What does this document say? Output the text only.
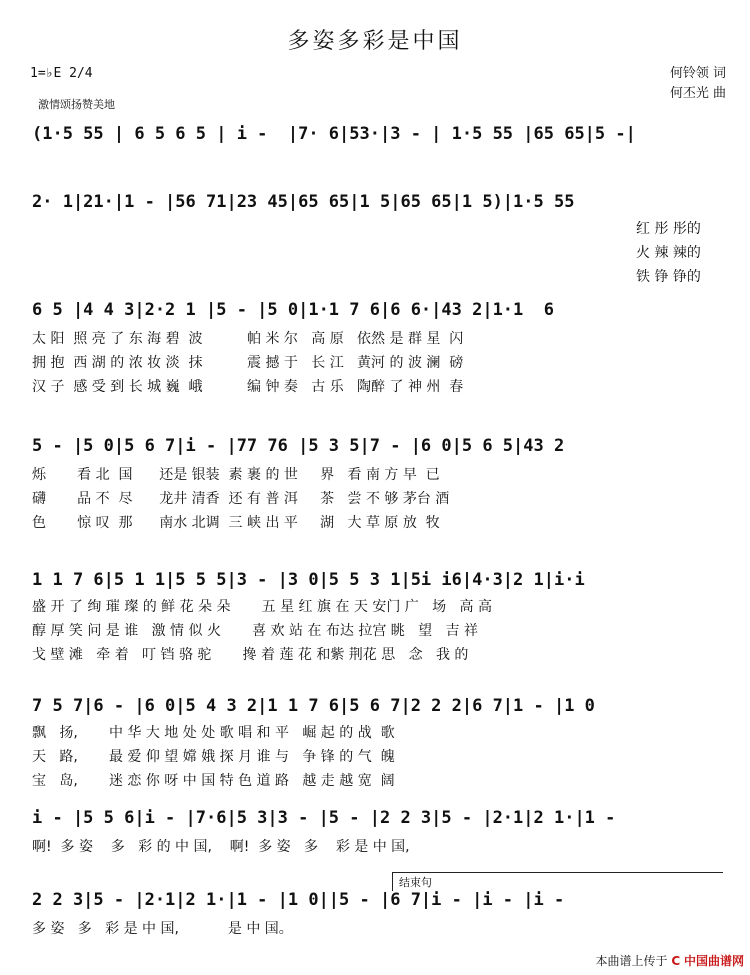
多姿多彩是中国
1=♭E 2/4
激情颂扬赞美地
何铃领 词
何丕光 曲
(1·5 55 | 6 5 6 5 | i -  |7· 6|53·|3 - | 1·5 55 |65 65|5 -|
2· 1|21·|1 - |56 71|23 45|65 65|1 5|65 65|1 5)|1·5 55
红 彤 彤的
火 辣 辣的
铁 铮 铮的
6 5 |4 4 3|2·2 1 |5 - |5 0|1·1 7 6|6 6·|43 2|1·1  6
太 阳  照 亮 了 东 海 碧  波          帕 米 尔   高 原   依然 是 群 星  闪
拥 抱  西 湖 的 浓 妆 淡  抹          震 撼 于   长 江   黄河 的 波 澜  磅
汉 子  感 受 到 长 城 巍  峨          编 钟 奏   古 乐   陶醉 了 神 州  春
5 - |5 0|5 6 7|i - |77 76 |5 3 5|7 - |6 0|5 6 5|43 2
烁       看 北  国      还是 银装  素 裹 的 世     界   看 南 方 早  已
礴       品 不  尽      龙井 清香  还 有 普 洱     茶   尝 不 够 茅台 酒
色       惊 叹  那      南水 北调  三 峡 出 平     湖   大 草 原 放  牧
1 1 7 6|5 1 1|5 5 5|3 - |3 0|5 5 3 1|5i i6|4·3|2 1|i·i
盛 开 了 绚 璀 璨 的 鲜 花 朵 朵       五 星 红 旗 在 天 安门 广   场   高 高
醇 厚 笑 问 是 谁   激 情 似 火       喜 欢 站 在 布达 拉宫 眺   望   吉 祥
戈 壁 滩   牵 着   叮 铛 骆 驼       搀 着 莲 花 和紫 荆花 思   念   我 的
7 5 7|6 - |6 0|5 4 3 2|1 1 7 6|5 6 7|2 2 2|6 7|1 - |1 0
飘   扬,       中 华 大 地 处 处 歌 唱 和 平   崛 起 的 战  歌
天   路,       最 爱 仰 望 嫦 娥 探 月 谁 与   争 锋 的 气  魄
宝   岛,       迷 恋 你 呀 中 国 特 色 道 路   越 走 越 宽  阔
i - |5 5 6|i - |7·6|5 3|3 - |5 - |2 2 3|5 - |2·1|2 1·|1 -
啊!  多 姿    多   彩 的 中 国,    啊!  多 姿   多    彩 是 中 国,
结束句
2 2 3|5 - |2·1|2 1·|1 - |1 0||5 - |6 7|i - |i - |i -
多 姿   多   彩 是 中 国,           是 中 国。
本曲谱上传于 C 中国曲谱网
